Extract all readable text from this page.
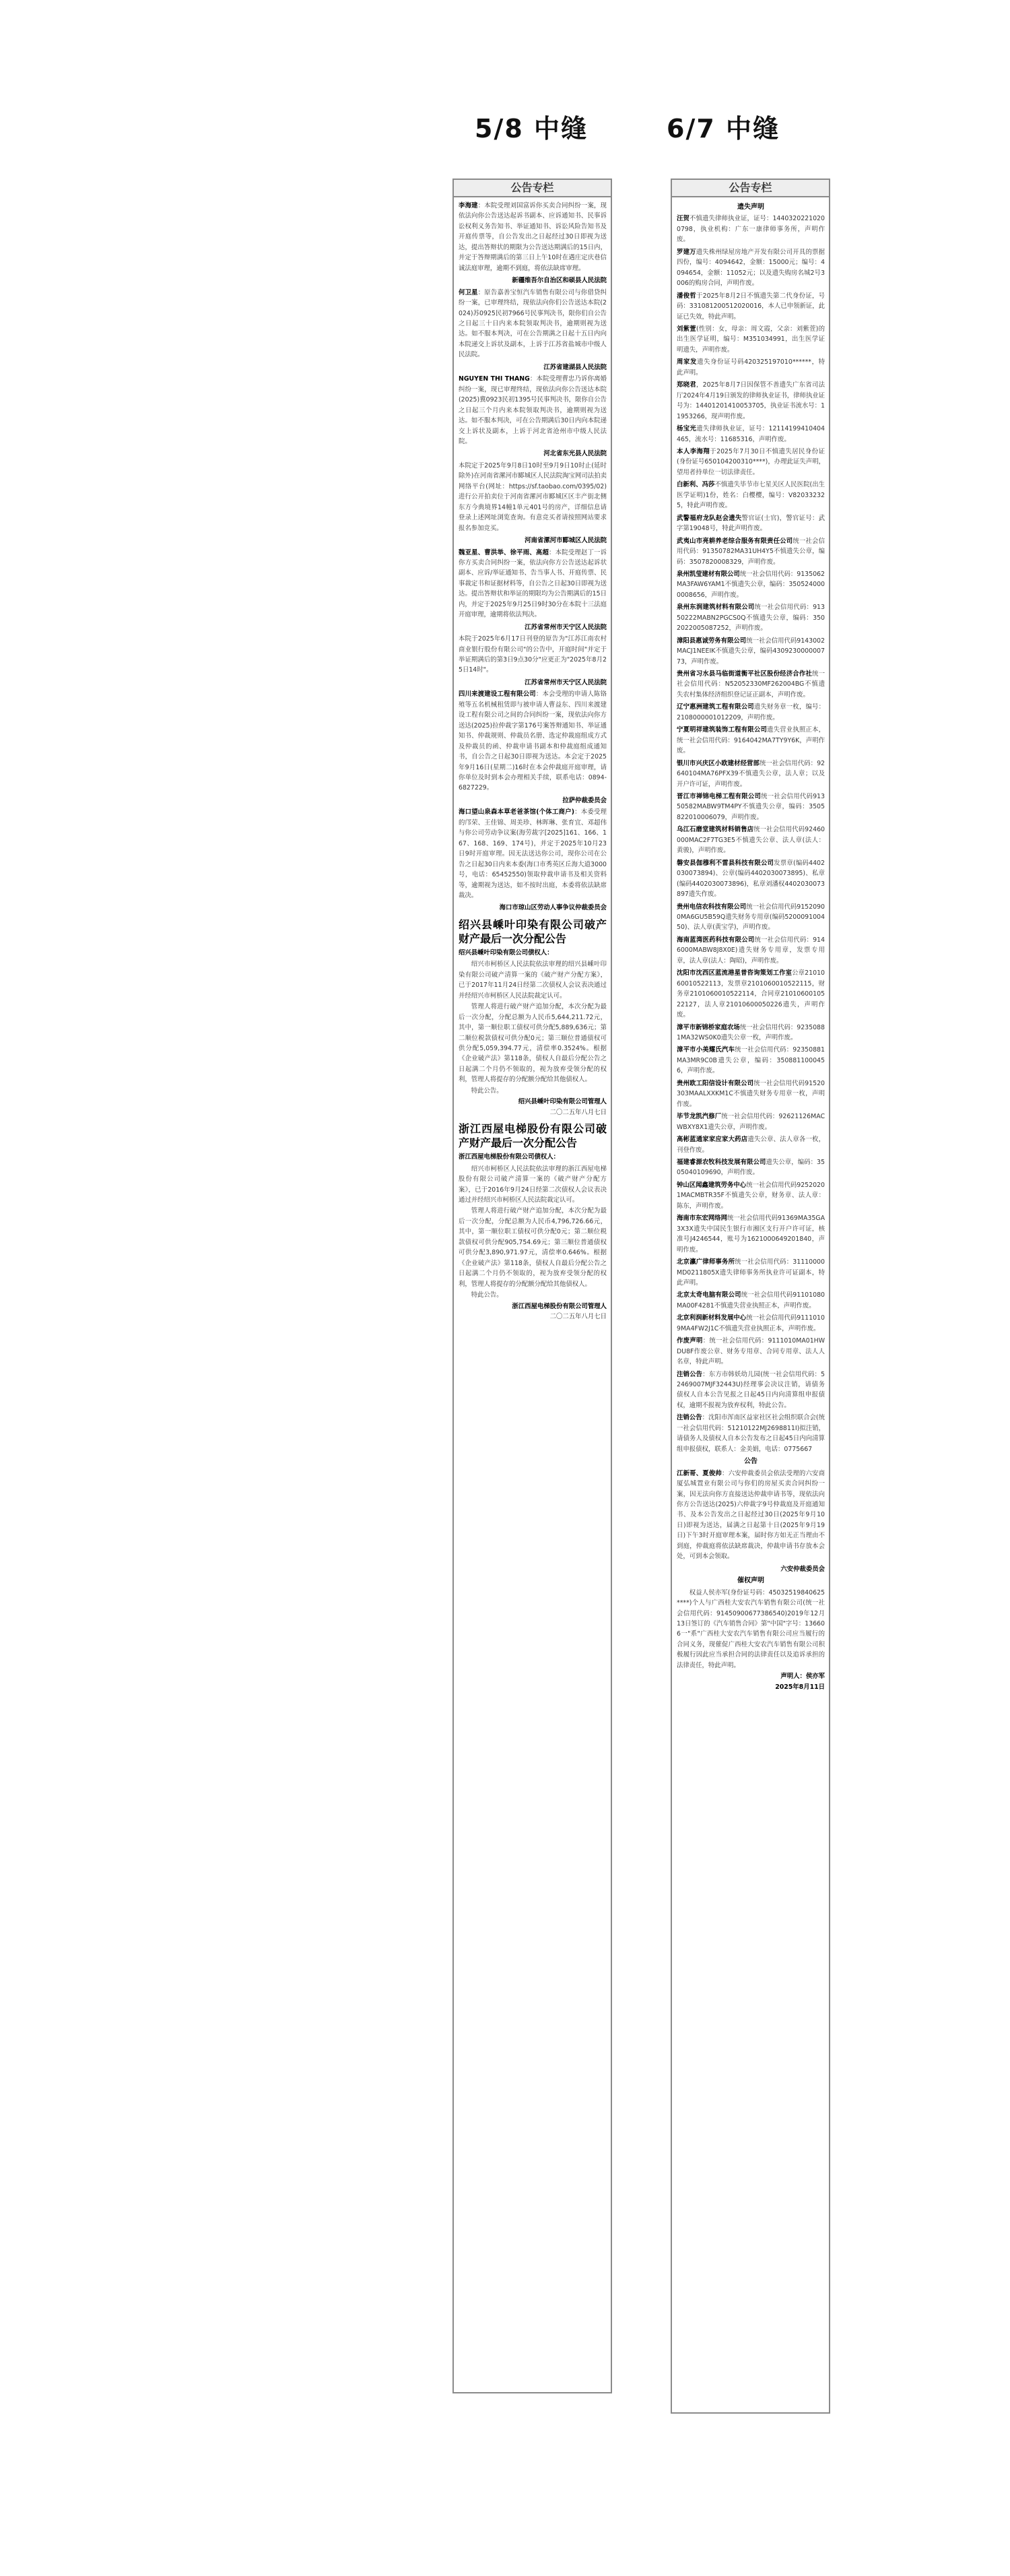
5/8 中缝	6/7 中缝
公告专栏
李海建：本院受理刘国富诉你买卖合同纠纷一案，现依法向你公告送达起诉书副本、应诉通知书、民事诉讼权利义务告知书、举证通知书、诉讼风险告知书及开庭传票等，自公告发出之日起经过30日即视为送达，提出答辩状的期限为公告送达期满后的15日内，并定于答辩期满后的第三日上午10时在遇庄定庆巷信诚法庭审理，逾期不到庭，将依法缺席审理。
新疆维吾尔自治区和硕县人民法院
何卫星：原告嘉善宝恒汽车销售有限公司与你借贷纠纷一案，已审理终结，现依法向你们公告送达本院(2024)苏0925民初7966号民事判决书，限你们自公告之日起三十日内来本院领取判决书，逾期则视为送达。如不服本判决，可在公告期满之日起十五日内向本院递交上诉状及副本，上诉于江苏省盐城市中级人民法院。
江苏省建湖县人民法院
NGUYEN THI THANG：本院受理曹忠乃诉你离婚纠纷一案，现已审理终结，现依法向你公告送达本院(2025)冀0923民初1395号民事判决书，限你自公告之日起三个月内来本院领取判决书，逾期则视为送达。如不服本判决，可在公告期满后30日内向本院递交上诉状及副本，上诉于河北省沧州市中级人民法院。
河北省东光县人民法院
本院定于2025年9月8日10时至9月9日10时止(延时除外)在河南省漯河市郾城区人民法院淘宝网司法拍卖网络平台(网址：https://sf.taobao.com/0395/02)进行公开拍卖位于河南省漯河市郾城区区丰产街北侧东方今典境界14幢1单元401号的房产，详细信息请登录上述网址浏览查询。有意竞买者请按照网站要求报名参加竞买。
河南省漯河市郾城区人民法院
魏亚星、曹洪举、徐平雨、高超：本院受理赵丁一诉你方买卖合同纠纷一案，依法向你方公告送达起诉状副本、应诉/举证通知书、告当事人书、开庭传票、民事裁定书和证据材料等，自公告之日起30日即视为送达。提出答辩状和举证的期限均为公告期满后的15日内，并定于2025年9月25日9时30分在本院十三法庭开庭审理，逾期将依法判决。
江苏省常州市天宁区人民法院
本院于2025年6月17日刊登的原告为"江苏江南农村商业银行股份有限公司"的公告中，开庭时间"并定于举证期满后的第3日9点30分"应更正为"2025年8月25日14时"。
江苏省常州市天宁区人民法院
四川来渡建设工程有限公司：本会受理的申请人陈铬殖等五名机械租赁即与被申请人曹益东、四川来渡建设工程有限公司之间的合同纠纷一案，现依法向你方送达(2025)拉仲裁字第176号案答辩通知书、举证通知书、仲裁规则、仲裁员名册、选定仲裁庭组成方式及仲裁员的函、仲裁申请书副本和仲裁庭组成通知书，自公告之日起30日即视为送达。本会定于2025年9月16日(星期二)16时在本会仲裁庭开庭审理，请你单位及时到本会办理相关手续，联系电话：0894-6827229。
拉萨仲裁委员会
海口望山泉森本草老爸茶馆(个体工商户)：本委受理的邝荣、王佳锦、周美珍、林晖琳、张育宜、邓超伟与你公司劳动争议案(海劳裁字[2025]161、166、167、168、169、174号)，并定于2025年10月23日9时开庭审理。因无法送达你公司，现你公司在公告之日起30日内来本委(海口市秀英区丘海大道3000号，电话：65452550)领取仲裁申请书及相关资料等，逾期视为送达，如不按时出庭，本委将依法缺席裁决。
海口市琼山区劳动人事争议仲裁委员会
绍兴县嵊叶印染有限公司破产财产最后一次分配公告
绍兴县嵊叶印染有限公司债权人：
绍兴市柯桥区人民法院依法审理的绍兴县嵊叶印染有限公司破产清算一案的《破产财产分配方案》，已于2017年11月24日经第二次债权人会议表决通过并经绍兴市柯桥区人民法院裁定认可。
管理人将进行破产财产追加分配，本次分配为最后一次分配，分配总额为人民币5,644,211.72元，其中，第一顺位职工债权可供分配5,889,636元；第二顺位税款债权可供分配0元；第三顺位普通债权可供分配5,059,394.77元，清偿率0.3524%。根据《企业破产法》第118条，债权人自最后分配公告之日起满二个月仍不领取的，视为放弃受领分配的权利，管理人将提存的分配额分配给其他债权人。
特此公告。
绍兴县嵊叶印染有限公司管理人
二〇二五年八月七日
浙江西屋电梯股份有限公司破产财产最后一次分配公告
浙江西屋电梯股份有限公司债权人：
绍兴市柯桥区人民法院依法审理的浙江西屋电梯股份有限公司破产清算一案的《破产财产分配方案》，已于2016年9月24日经第二次债权人会议表决通过并经绍兴市柯桥区人民法院裁定认可。
管理人将进行破产财产追加分配，本次分配为最后一次分配，分配总额为人民币4,796,726.66元，其中，第一顺位职工债权可供分配0元；第二顺位税款债权可供分配905,754.69元；第三顺位普通债权可供分配3,890,971.97元，清偿率0.646%。根据《企业破产法》第118条，债权人自最后分配公告之日起满二个月仍不领取的，视为放弃受领分配的权利，管理人将提存的分配额分配给其他债权人。
特此公告。
浙江西屋电梯股份有限公司管理人
二〇二五年八月七日
公告专栏
遗失声明
汪贺不慎遗失律师执业证，证号：14403202210200798，执业机构：广东一康律师事务所，声明作废。
罗建万遗失株州绿屋房地产开发有限公司开具的票据四份，编号：4094642，金额：15000元；编号：4094654，金额：11052元；以及遗失购房名城2号3006的购房合同，声明作废。
潘俊哲于2025年8月2日不慎遗失第二代身份证，号码：331081200512020016，本人已申领新证，此证已失效，特此声明。
刘紫萱(性别：女，母亲：周文霞，父亲：刘紫萱)的出生医学证明，编号：M351034991，出生医学证明遗失，声明作废。
周家发遗失身份证号码420325197010******，特此声明。
郑晓君，2025年8月7日因保管不善遗失广东省司法厅2024年4月19日颁发的律师执业证书，律师执业证号为：14401201410053705，执业证书流水号：11953266，现声明作废。
杨宝光遗失律师执业证，证号：12114199410404465，流水号：11685316，声明作废。
本人李海翔于2025年7月30日不慎遗失居民身份证(身份证号650104200310****)，办理此证失声明，望用者持单位一切法律责任。
白新利、冯莎不慎遗失毕节市七星关区人民医院(出生医学证明)1份，姓名：白樱樱，编号：V820332325，特此声明作废。
武警福府龙队赵会遗失警官证(士官)，警官证号：武字第19048号，特此声明作废。
武夷山市亮耕养老综合服务有限责任公司统一社会信用代码：91350782MA31UH4Y5不慎遗失公章，编码：3507820008329，声明作废。
泉州凯莹建材有限公司统一社会信用代码：9135062MA3FAW6YAM1不慎遗失公章，编码：3505240000008656，声明作废。
泉州东润建筑材料有限公司统一社会信用代码：91350222MABN2PGCS0Q不慎遗失公章，编码：3502022005087252，声明作废。
漳阳县惠诚劳务有限公司统一社会信用代码9143002MACJ1NEEIK不慎遗失公章，编码430923000000773，声明作废。
贵州省习水县马临街道衡平社区股份经济合作社统一社会信用代码：N52052330MF262004BG不慎遗失农村集体经济组织登记证正副本，声明作废。
辽宁惠洲建筑工程有限公司遗失财务章一枚，编号：2108000001012209，声明作废。
宁夏明祥建筑装饰工程有限公司遗失营业执照正本，统一社会信用代码：9164042MA7TY9Y6K，声明作废。
银川市兴庆区小欧建材经营部统一社会信用代码：92640104MA76PFX39不慎遗失公章，法人章；以及开户许可证，声明作废。
晋江市禅锦电梯工程有限公司统一社会信用代码91350582MABW9TM4PY不慎遗失公章，编码：3505822010006079，声明作废。
乌江石磨堂建筑材料销售店统一社会信用代码92460000MAC2F7TG3E5不慎遗失公章、法人章(法人：黄骏)，声明作废。
磐安县伽穆利不雷县科技有限公司发票章(编码4402030073894)、公章(编码4402030073895)、私章(编码4402030073896)，私章刘潘权4402030073897遗失作废。
贵州电信农科技有限公司统一社会信用代码91520900MA6GU5B59Q遗失财务专用章(编码520009100450)、法人章(黄宝学)，声明作废。
海南蓝湾医药科技有限公司统一社会信用代码：9146000MABW8J8X0E)遗失财务专用章，发票专用章，法人章(法人：陶昭)，声明作废。
沈阳市沈西区蓝流港星普咨询策划工作室公章2101060010522113，发票章2101060010522115，财务章2101060010522114，合同章2101060010522127，法人章21010600050226遗失，声明作废。
漳平市新锦桥家庭农场统一社会信用代码：92350881MA32WS0K0遗失公章一枚，声明作废。
漳平市小美耀氏汽车统一社会信用代码：92350881MA3MR9C0B遗失公章，编码：3508811000456，声明作废。
贵州欧工阳信设计有限公司统一社会信用代码91520303MAALXXKM1C不慎遗失财务专用章一枚，声明作废。
毕节龙凯汽修厂统一社会信用代码：92621126MACWBXY8X1遗失公章，声明作废。
高彬蓝通家家应家大药店遗失公章、法人章各一枚，刊登作废。
福建睿源农牧科技发展有限公司遗失公章，编码：3505040109690，声明作废。
钟山区闻鑫建筑劳务中心统一社会信用代码92520201MACMBTR35F不慎遗失公章，财务章、法人章：陈东，声明作废。
海南市东宏网络网统一社会信用代码91369MA35GA3X3X遗失中国民生银行市湘区支行开户许可证，核准号J4246544，账号为1621000649201840，声明作废。
北京瀛广律师事务所统一社会信用代码：31110000MD0211805X遗失律师事务所执业许可证副本，特此声明。
北京太奇电脑有限公司统一社会信用代码91101080MA00F4281不慎遗失营业执照正本，声明作废。
北京利润新材料发展中心统一社会信用代码91110109MA4FW2J1C不慎遗失营业执照正本，声明作废。
作废声明：统一社会信用代码：9111010MA01HWDU8F作废公章、财务专用章、合同专用章、法人人名章，特此声明。
注销公告：东方市韩妖幼儿园(统一社会信用代码：52469007MJF32443U)经理事会决议注销，请债务债权人自本公告见报之日起45日内向清算组申报债权，逾期不报视为放弃权利，特此公告。
注销公告：沈阳市浑南区益家社区社会组织联合会(统一社会信用代码：51210122MJ2698811I)拟注销，请债务人及债权人自本公告发布之日起45日内向清算组申报债权，联系人：金美娟，电话：0775667
公告
江新哥、夏俊帅：六安仲裁委员会依法受理的六安商厦弘城置业有限公司与你们的房屋买卖合同纠纷一案，因无法向你方直接送达仲裁申请书等，现依法向你方公告送达(2025)六仲裁字9号仲裁庭及开庭通知书、及本公告发出之日起经过30日(2025年9月10日)即视为送达，届满之日起第十日(2025年9月19日)下午3时开庭审理本案，届时你方如无正当理由不到庭，仲裁庭将依法缺席裁决，仲裁申请书存放本会处，可到本会领取。
六安仲裁委员会
催权声明
权益人侯亦军(身份证号码：45032519840625****)个人与广西桂大安农汽车销售有限公司(统一社会信用代码：91450900677386540)2019年12月13日签订的《汽车销售合同》第"中国"字号：136606一"系"广西桂大安农汽车销售有限公司应当履行的合同义务，现催促广西桂大安农汽车销售有限公司积极履行因此应当承担合同的法律责任以及追诉承担的法律责任，特此声明。
声明人：侯亦军
2025年8月11日
